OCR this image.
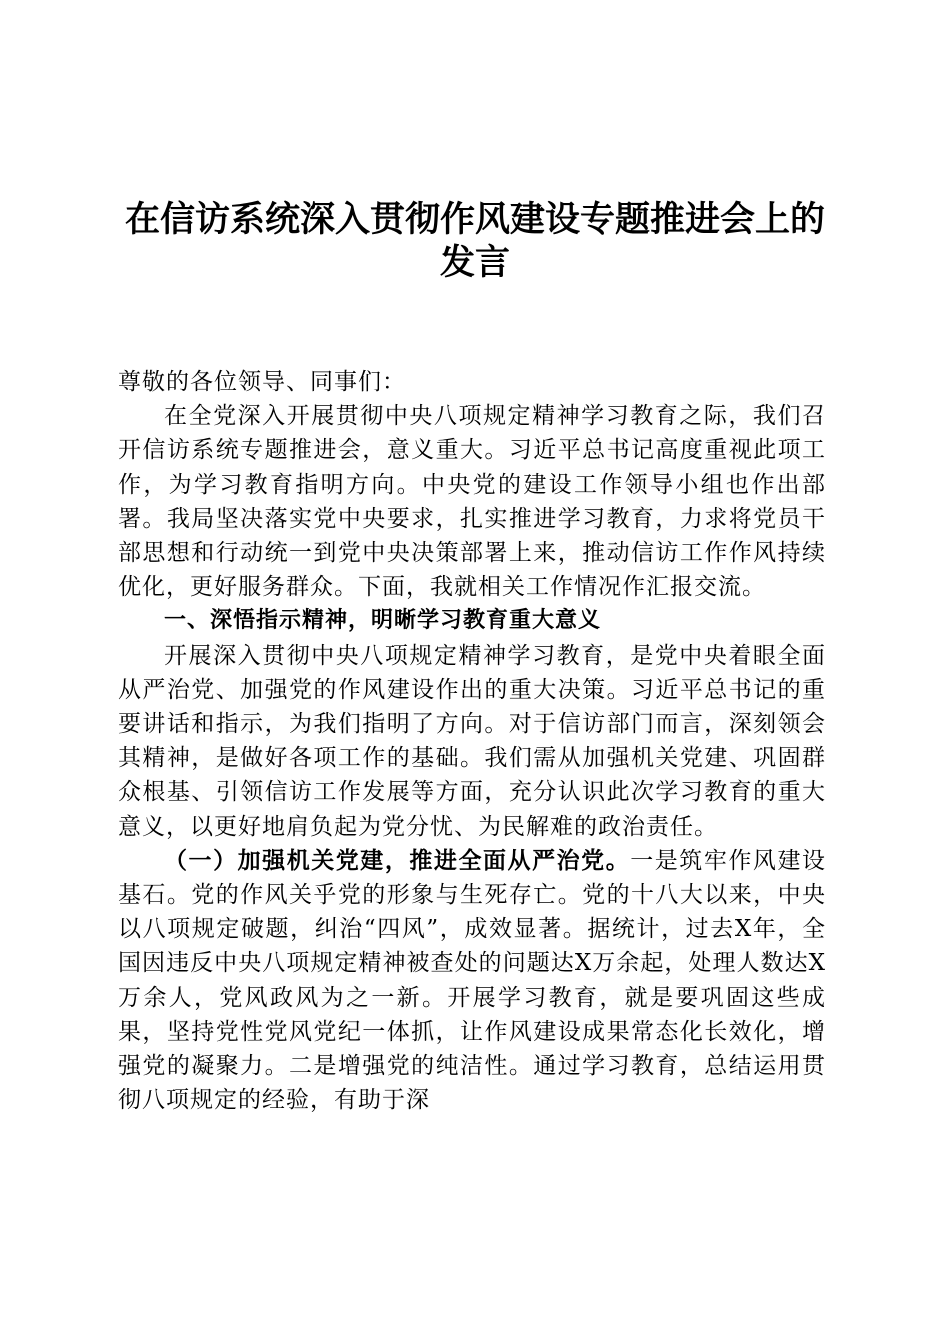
在信访系统深入贯彻作风建设专题推进会上的
发言

尊敬的各位领导、同事们：

在全党深入开展贯彻中央八项规定精神学习教育之际，我们召开信访系统专题推进会，意义重大。习近平总书记高度重视此项工作，为学习教育指明方向。中央党的建设工作领导小组也作出部署。我局坚决落实党中央要求，扎实推进学习教育，力求将党员干部思想和行动统一到党中央决策部署上来，推动信访工作作风持续优化，更好服务群众。下面，我就相关工作情况作汇报交流。

一、深悟指示精神，明晰学习教育重大意义

开展深入贯彻中央八项规定精神学习教育，是党中央着眼全面从严治党、加强党的作风建设作出的重大决策。习近平总书记的重要讲话和指示，为我们指明了方向。对于信访部门而言，深刻领会其精神，是做好各项工作的基础。我们需从加强机关党建、巩固群众根基、引领信访工作发展等方面，充分认识此次学习教育的重大意义，以更好地肩负起为党分忧、为民解难的政治责任。

（一）加强机关党建，推进全面从严治党。一是筑牢作风建设基石。党的作风关乎党的形象与生死存亡。党的十八大以来，中央以八项规定破题，纠治“四风”，成效显著。据统计，过去X年，全国因违反中央八项规定精神被查处的问题达X万余起，处理人数达X万余人，党风政风为之一新。开展学习教育，就是要巩固这些成果，坚持党性党风党纪一体抓，让作风建设成果常态化长效化，增强党的凝聚力。二是增强党的纯洁性。通过学习教育，总结运用贯彻八项规定的经验，有助于深
